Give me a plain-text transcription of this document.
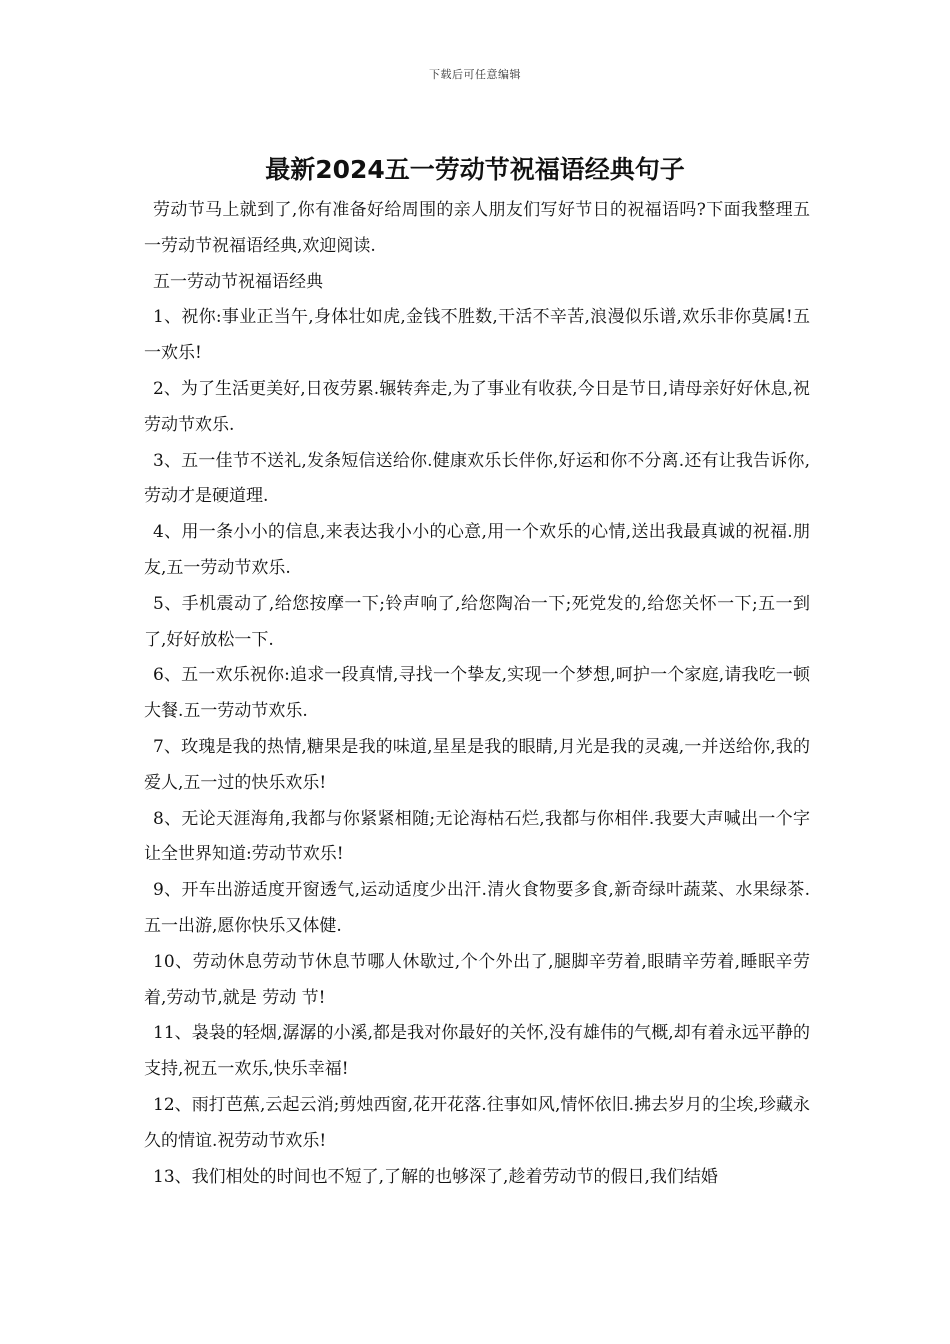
下载后可任意编辑
最新2024五一劳动节祝福语经典句子

劳动节马上就到了,你有准备好给周围的亲人朋友们写好节日的祝福语吗?下面我整理五一劳动节祝福语经典,欢迎阅读.

五一劳动节祝福语经典

1、祝你:事业正当午,身体壮如虎,金钱不胜数,干活不辛苦,浪漫似乐谱,欢乐非你莫属!五一欢乐!

2、为了生活更美好,日夜劳累.辗转奔走,为了事业有收获,今日是节日,请母亲好好休息,祝劳动节欢乐.

3、五一佳节不送礼,发条短信送给你.健康欢乐长伴你,好运和你不分离.还有让我告诉你,劳动才是硬道理.

4、用一条小小的信息,来表达我小小的心意,用一个欢乐的心情,送出我最真诚的祝福.朋友,五一劳动节欢乐.

5、手机震动了,给您按摩一下;铃声响了,给您陶冶一下;死党发的,给您关怀一下;五一到了,好好放松一下.

6、五一欢乐祝你:追求一段真情,寻找一个挚友,实现一个梦想,呵护一个家庭,请我吃一顿大餐.五一劳动节欢乐.

7、玫瑰是我的热情,糖果是我的味道,星星是我的眼睛,月光是我的灵魂,一并送给你,我的爱人,五一过的快乐欢乐!

8、无论天涯海角,我都与你紧紧相随;无论海枯石烂,我都与你相伴.我要大声喊出一个字让全世界知道:劳动节欢乐!

9、开车出游适度开窗透气,运动适度少出汗.清火食物要多食,新奇绿叶蔬菜、水果绿茶.五一出游,愿你快乐又体健.

10、劳动休息劳动节休息节哪人休歇过,个个外出了,腿脚辛劳着,眼睛辛劳着,睡眠辛劳着,劳动节,就是 劳动 节!

11、袅袅的轻烟,潺潺的小溪,都是我对你最好的关怀,没有雄伟的气概,却有着永远平静的支持,祝五一欢乐,快乐幸福!

12、雨打芭蕉,云起云消;剪烛西窗,花开花落.往事如风,情怀依旧.拂去岁月的尘埃,珍藏永久的情谊.祝劳动节欢乐!

13、我们相处的时间也不短了,了解的也够深了,趁着劳动节的假日,我们结婚
